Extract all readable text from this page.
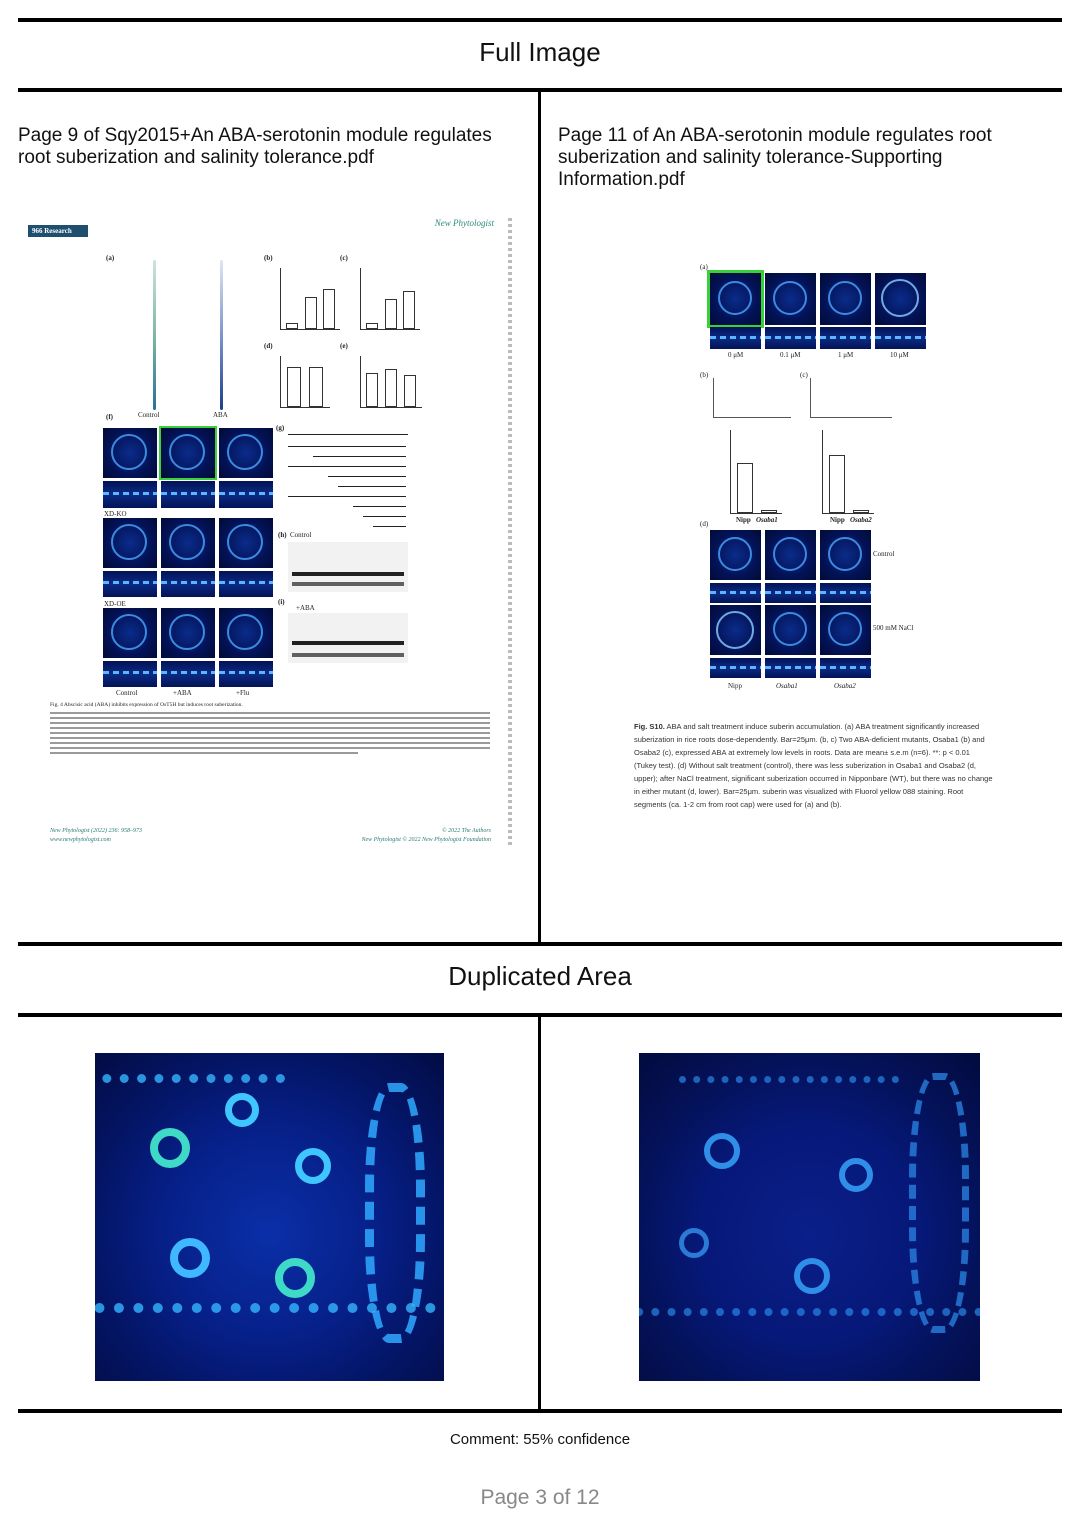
Full Image
Page 9 of Sqy2015+An ABA-serotonin module regulates root suberization and salinity tolerance.pdf
966 Research
New Phytologist
(a)
Control	ABA
(b)	(c)
(d)	(e)
(f)
XD-KO
XD-OE
Control	+ABA	+Flu
(g)
(h) Control
(i)
+ABA
Fig. 4 Abscisic acid (ABA) inhibits expression of OsT5H but induces root suberization.
New Phytologist (2022) 236: 958–973
www.newphytologist.com
© 2022 The Authors
New Phytologist © 2022 New Phytologist Foundation
Page 11 of An ABA-serotonin module regulates root suberization and salinity tolerance-Supporting Information.pdf
(a)
0 μM	0.1 μM	1 μM	10 μM
(b)
Nipp Osaba1
(c)
Nipp Osaba2
(d)
Control
500 mM NaCl
Nipp	Osaba1	Osaba2
Fig. S10. ABA and salt treatment induce suberin accumulation. (a) ABA treatment significantly increased suberization in rice roots dose-dependently. Bar=25μm. (b, c) Two ABA-deficient mutants, Osaba1 (b) and Osaba2 (c), expressed ABA at extremely low levels in roots. Data are mean± s.e.m (n=6). **: p < 0.01 (Tukey test). (d) Without salt treatment (control), there was less suberization in Osaba1 and Osaba2 (d, upper); after NaCl treatment, significant suberization occurred in Nipponbare (WT), but there was no change in either mutant (d, lower). Bar=25μm. suberin was visualized with Fluorol yellow 088 staining. Root segments (ca. 1-2 cm from root cap) were used for (a) and (b).
Duplicated Area
Comment: 55% confidence
Page 3 of 12
